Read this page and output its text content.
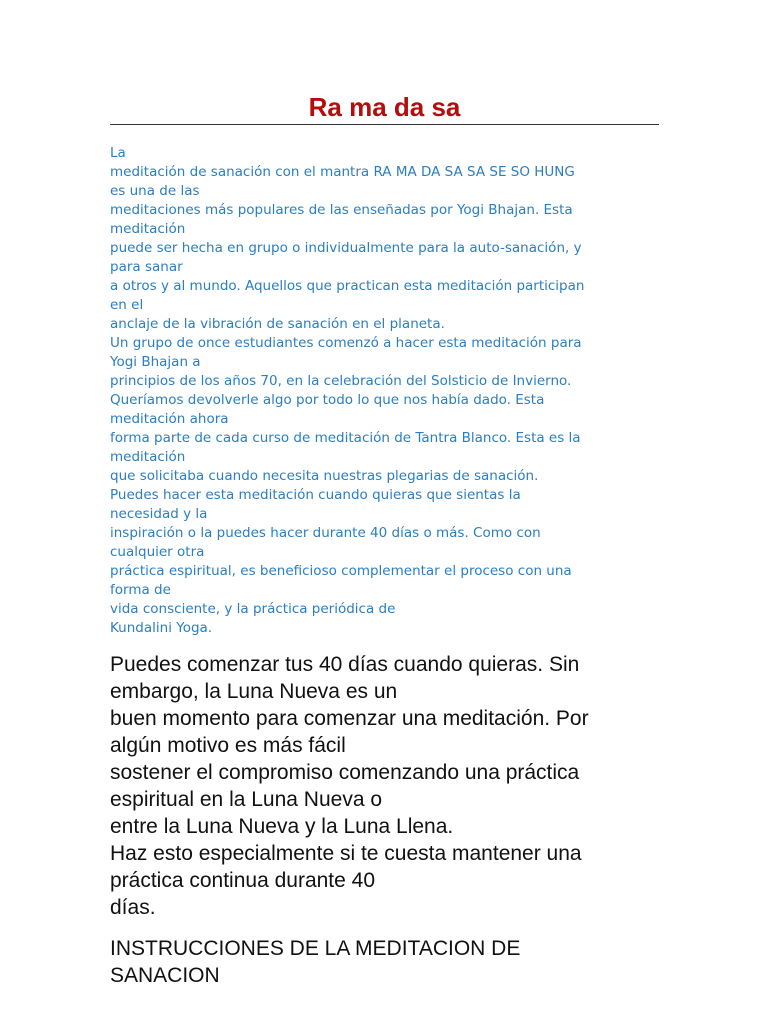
Ra ma da sa
La
meditación de sanación con el mantra RA MA DA SA SA SE SO HUNG
es una de las
meditaciones más populares de las enseñadas por Yogi Bhajan. Esta
meditación
puede ser hecha en grupo o individualmente para la auto-sanación, y
para sanar
a otros y al mundo. Aquellos que practican esta meditación participan
en el
anclaje de la vibración de sanación en el planeta.
Un grupo de once estudiantes comenzó a hacer esta meditación para
Yogi Bhajan a
principios de los años 70, en la celebración del Solsticio de Invierno.
Queríamos devolverle algo por todo lo que nos había dado. Esta
meditación ahora
forma parte de cada curso de meditación de Tantra Blanco. Esta es la
meditación
que solicitaba cuando necesita nuestras plegarias de sanación.
Puedes hacer esta meditación cuando quieras que sientas la
necesidad y la
inspiración o la puedes hacer durante 40 días o más. Como con
cualquier otra
práctica espiritual, es beneficioso complementar el proceso con una
forma de
vida consciente, y la práctica periódica de
Kundalini Yoga.
Puedes comenzar tus 40 días cuando quieras. Sin
embargo, la Luna Nueva es un
buen momento para comenzar una meditación. Por
algún motivo es más fácil
sostener el compromiso comenzando una práctica
espiritual en la Luna Nueva o
entre la Luna Nueva y la Luna Llena.
Haz esto especialmente si te cuesta mantener una
práctica continua durante 40
días.
INSTRUCCIONES DE LA MEDITACION DE
SANACION
